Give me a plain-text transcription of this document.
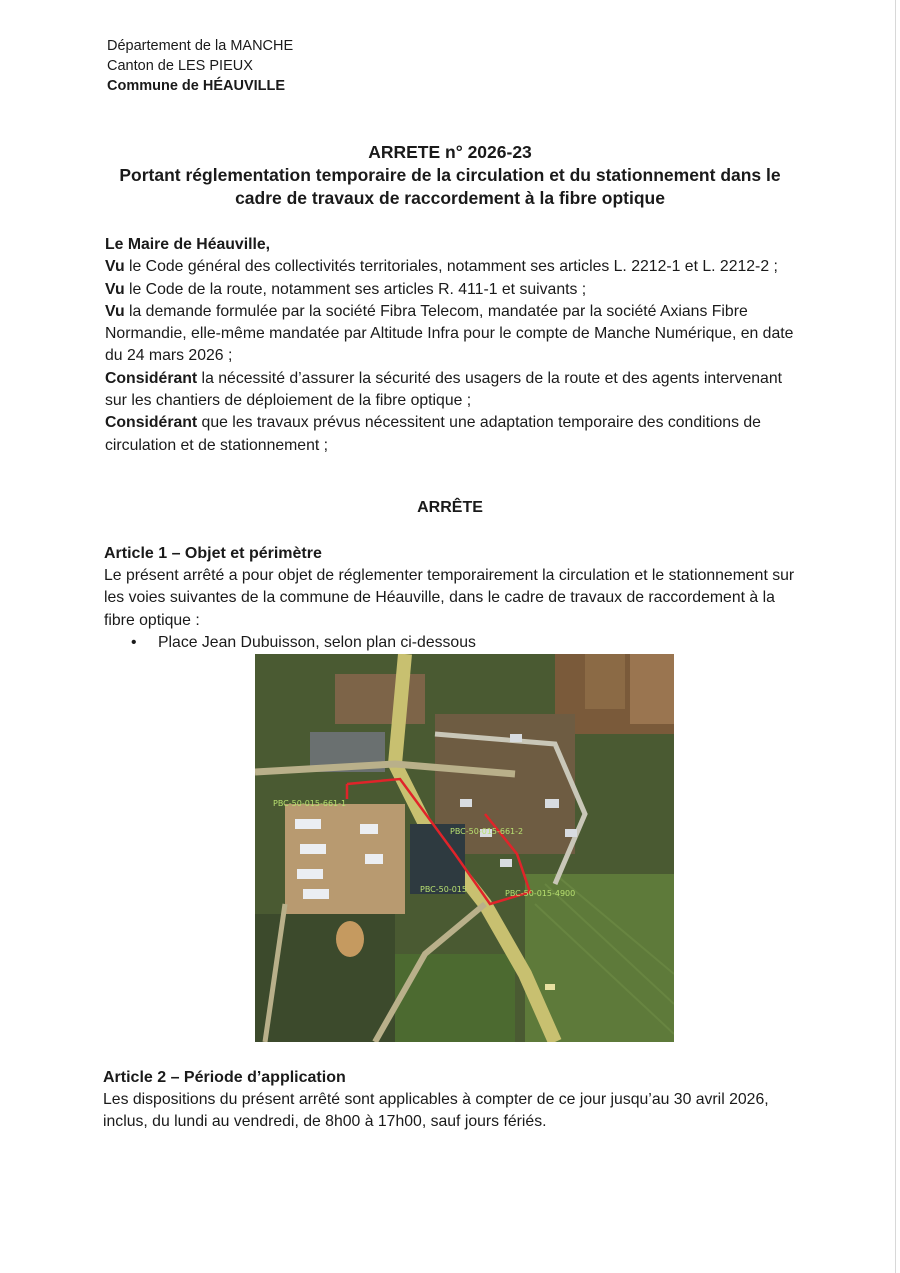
Département de la MANCHE
Canton de LES PIEUX
Commune de HÉAUVILLE
ARRETE n° 2026-23
Portant réglementation temporaire de la circulation et du stationnement dans le
cadre de travaux de raccordement à la fibre optique

Le Maire de Héauville,

Vu le Code général des collectivités territoriales, notamment ses articles L. 2212-1 et L. 2212-2 ;

Vu le Code de la route, notamment ses articles R. 411-1 et suivants ;

Vu la demande formulée par la société Fibra Telecom, mandatée par la société Axians Fibre Normandie, elle-même mandatée par Altitude Infra pour le compte de Manche Numérique, en date du 24 mars 2026 ;

Considérant la nécessité d’assurer la sécurité des usagers de la route et des agents intervenant sur les chantiers de déploiement de la fibre optique ;

Considérant que les travaux prévus nécessitent une adaptation temporaire des conditions de circulation et de stationnement ;

ARRÊTE
Article 1 – Objet et périmètre

Le présent arrêté a pour objet de réglementer temporairement la circulation et le stationnement sur les voies suivantes de la commune de Héauville, dans le cadre de travaux de raccordement à la fibre optique :

•	Place Jean Dubuisson, selon plan ci-dessous
PBC-50-015-661-1
PBC-50-015-661-2
PBC-50-015	PBC-50-015-4900
Article 2 – Période d’application

Les dispositions du présent arrêté sont applicables à compter de ce jour jusqu’au 30 avril 2026, inclus, du lundi au vendredi, de 8h00 à 17h00, sauf jours fériés.
